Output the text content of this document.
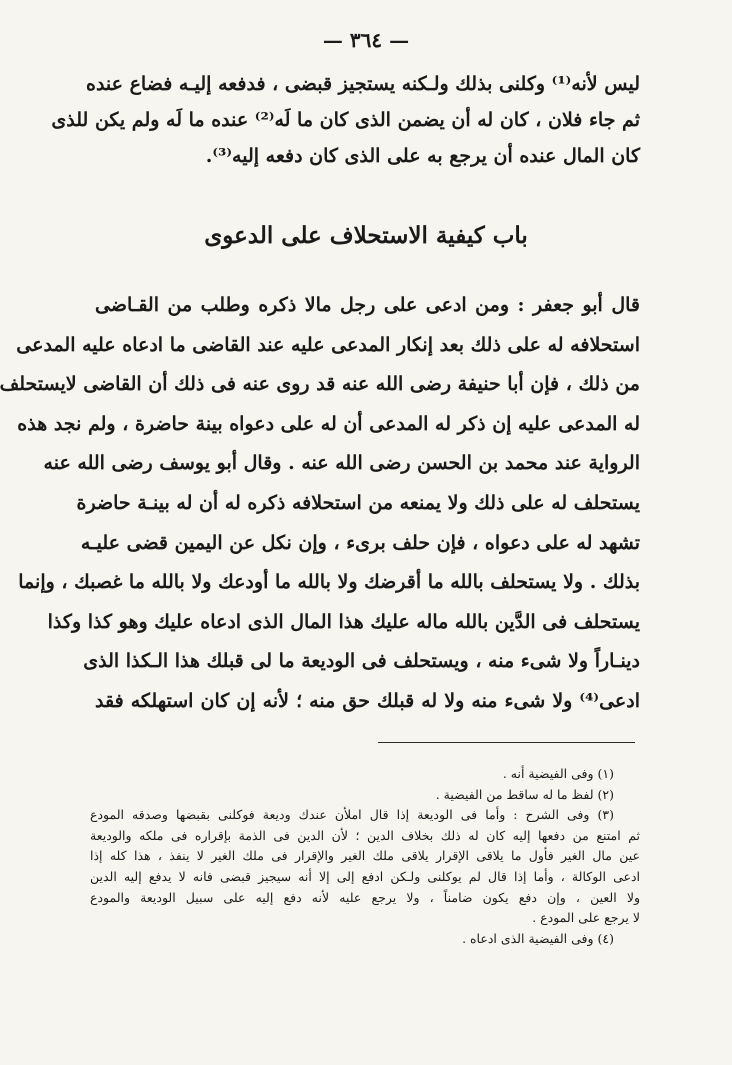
— ٣٦٤ —
ليس لأنه⁽¹⁾ وكلنى بذلك ولـكنه يستجيز قبضى ، فدفعه إليـه فضاع عنده
ثم جاء فلان ، كان له أن يضمن الذى كان ما لَه⁽²⁾ عنده ما لَه ولم يكن للذى
كان المال عنده أن يرجع به على الذى كان دفعه إليه⁽³⁾.
باب كيفية الاستحلاف على الدعوى
قال أبو جعفر : ومن ادعى على رجل مالا ذكره وطلب من القـاضى
استحلافه له على ذلك بعد إنكار المدعى عليه عند القاضى ما ادعاه عليه المدعى
من ذلك ، فإن أبا حنيفة رضى الله عنه قد روى عنه فى ذلك أن القاضى لايستحلف
له المدعى عليه إن ذكر له المدعى أن له على دعواه بينة حاضرة ، ولم نجد هذه
الرواية عند محمد بن الحسن رضى الله عنه . وقال أبو يوسف رضى الله عنه
يستحلف له على ذلك ولا يمنعه من استحلافه ذكره له أن له بينـة حاضرة
تشهد له على دعواه ، فإن حلف برىء ، وإن نكل عن اليمين قضى عليـه
بذلك . ولا يستحلف بالله ما أقرضك ولا بالله ما أودعك ولا بالله ما غصبك ، وإنما
يستحلف فى الدَّين بالله ماله عليك هذا المال الذى ادعاه عليك وهو كذا وكذا
دينـاراً ولا شىء منه ، ويستحلف فى الوديعة ما لى قبلك هذا الـكذا الذى
ادعى⁽⁴⁾ ولا شىء منه ولا له قبلك حق منه ؛ لأنه إن كان استهلكه فقد
(١) وفى الفيضية أنه .
(٢) لفظ ما له ساقط من الفيضية .
(٣) وفى الشرح : وأما فى الوديعة إذا قال املأن عندك وديعة فوكلنى بقبضها وصدقه المودع
ثم امتنع من دفعها إليه كان له ذلك بخلاف الدين ؛ لأن الدين فى الذمة بإقراره فى ملكه والوديعة
عين مال الغير فأول ما يلاقى الإقرار يلاقى ملك الغير والإقرار فى ملك الغير لا ينفذ ، هذا كله إذا
ادعى الوكالة ، وأما إذا قال لم يوكلنى ولـكن ادفع إلى إلا أنه سيجيز قبضى فانه لا يدفع إليه الدين
ولا العين ، وإن دفع يكون ضامناً ، ولا يرجع عليه لأنه دفع إليه على سبيل الوديعة والمودع
لا يرجع على المودع .
(٤) وفى الفيضية الذى ادعاه .
